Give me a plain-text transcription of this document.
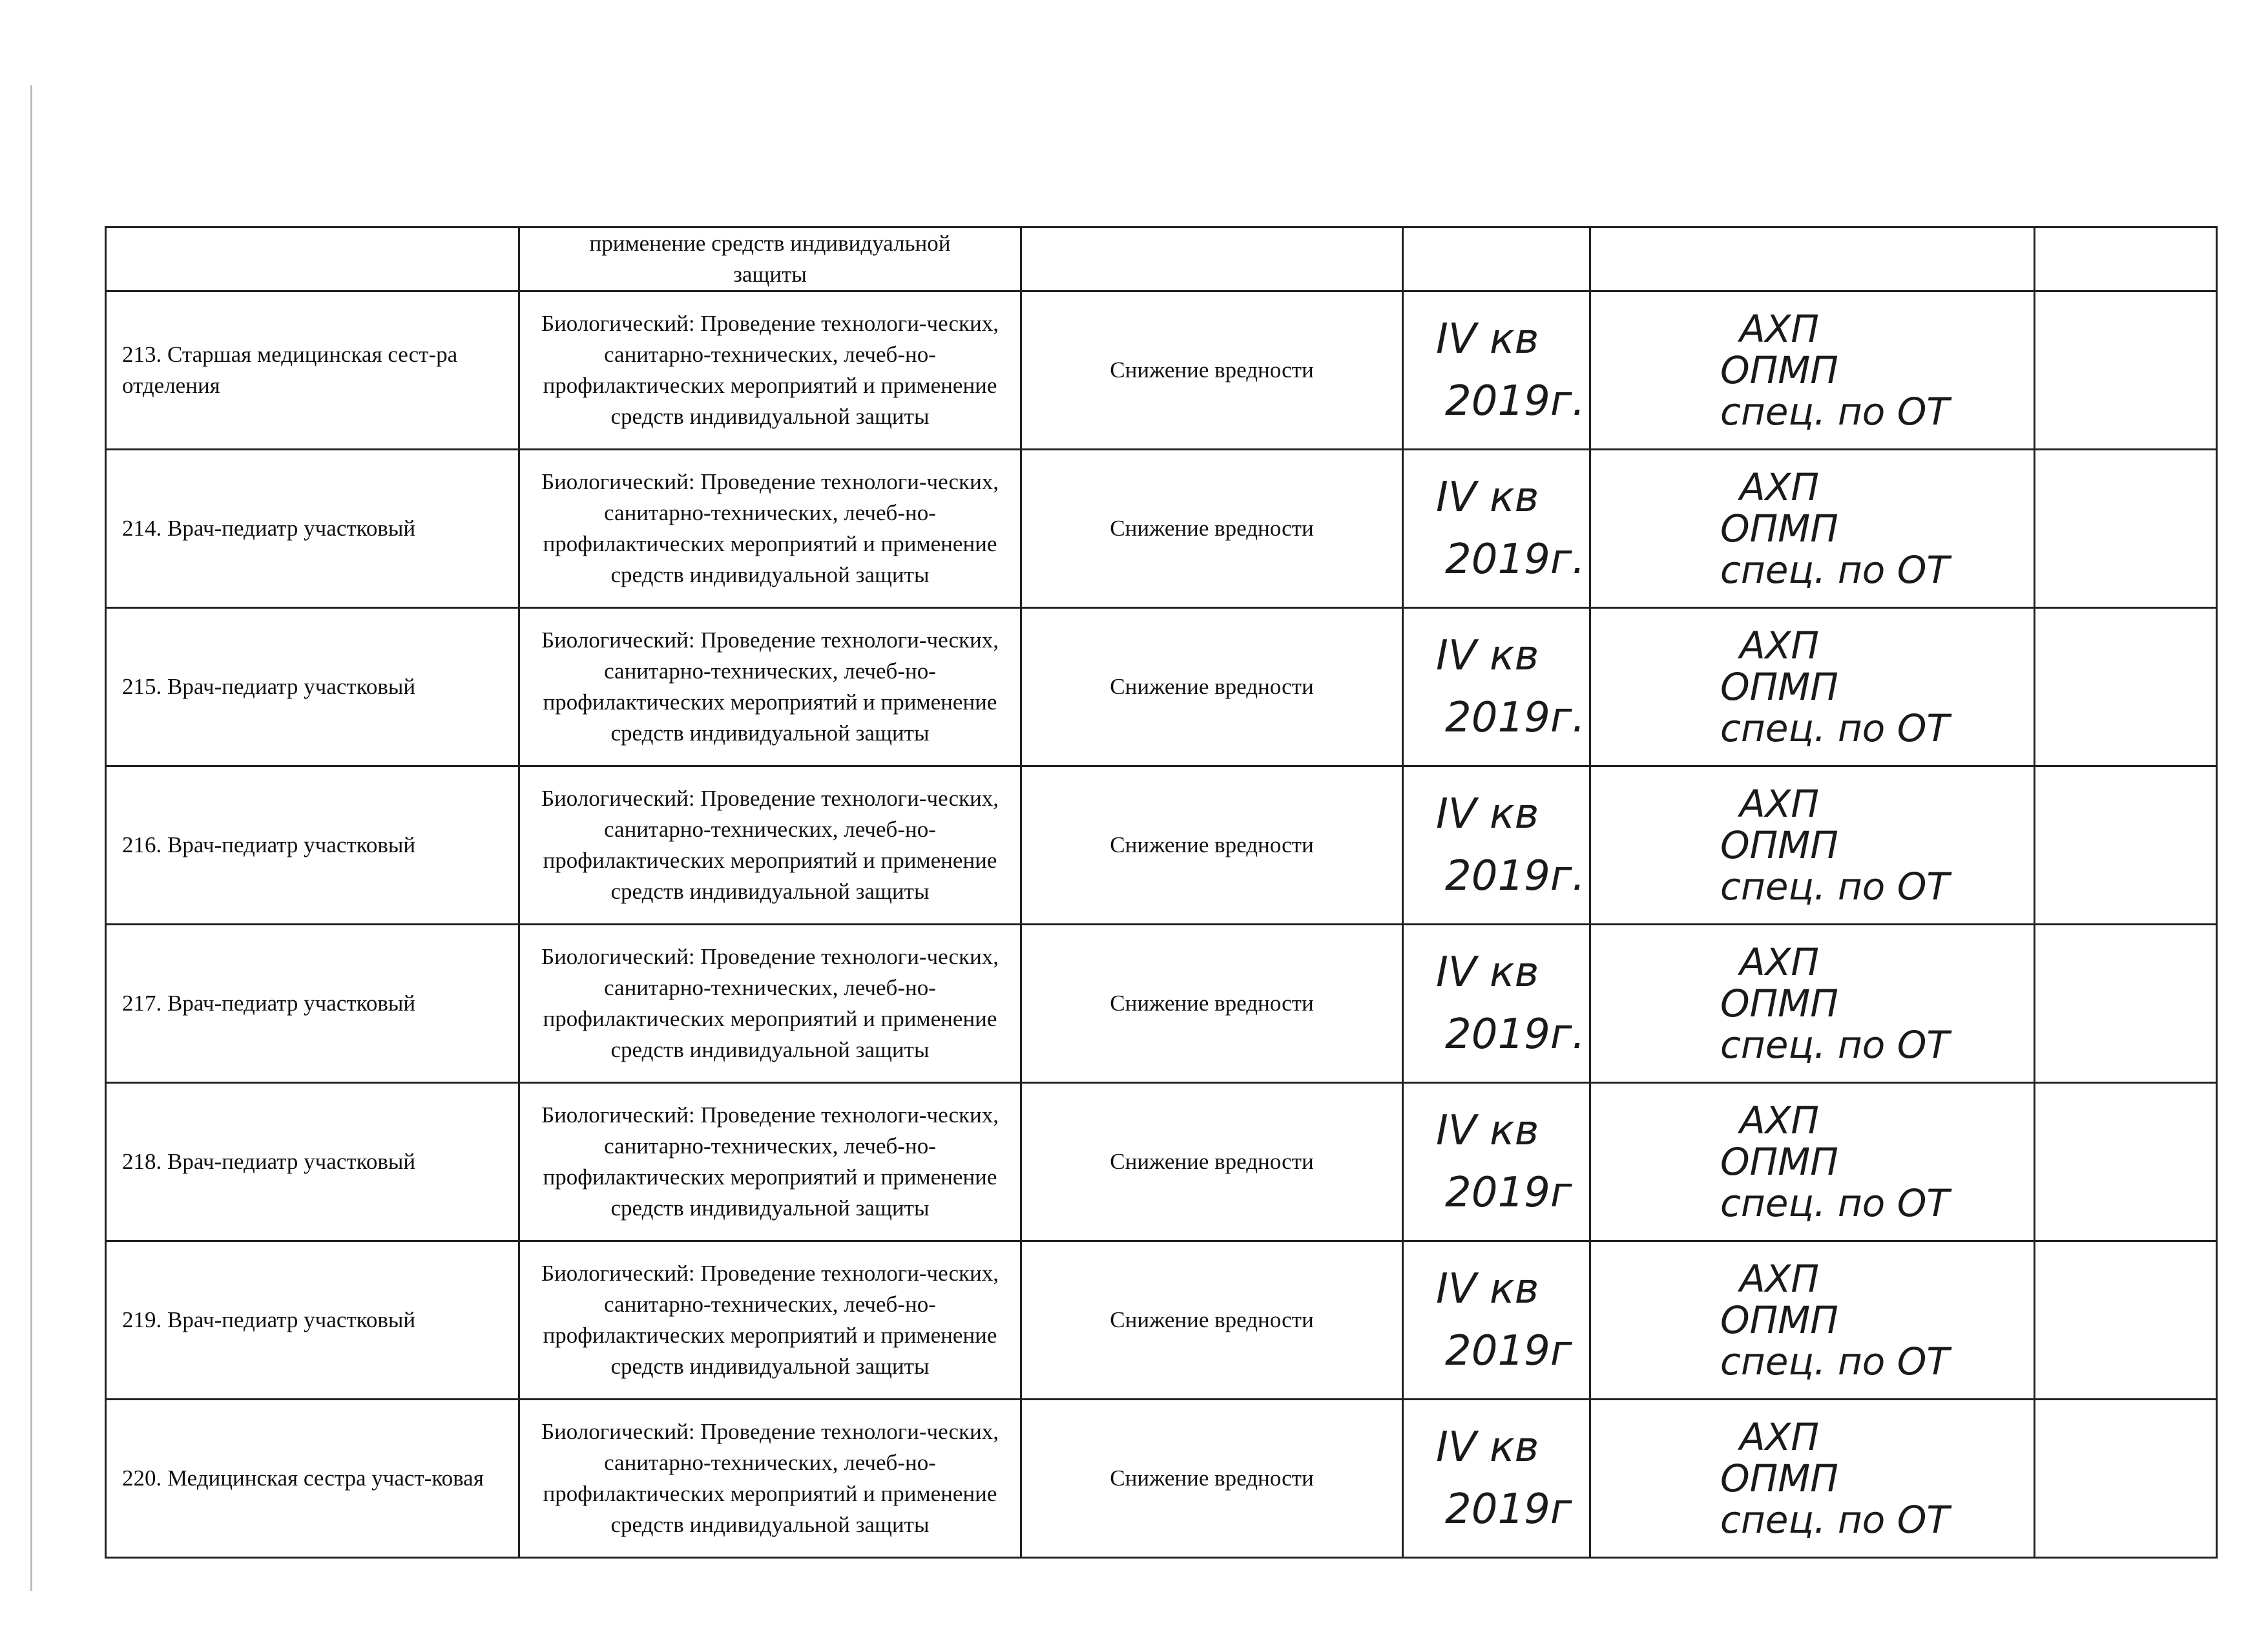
	применение средств индивидуальной
защиты				

213. Старшая медицинская сест-ра отделения	Биологический: Проведение технологи-ческих, санитарно-технических, лечеб-но-профилактических мероприятий и применение средств индивидуальной защиты	Снижение вредности	IV кв
2019г.	АХП
ОПМП
спец. по ОТ	

214. Врач-педиатр участковый	Биологический: Проведение технологи-ческих, санитарно-технических, лечеб-но-профилактических мероприятий и применение средств индивидуальной защиты	Снижение вредности	IV кв
2019г.	АХП
ОПМП
спец. по ОТ	

215. Врач-педиатр участковый	Биологический: Проведение технологи-ческих, санитарно-технических, лечеб-но-профилактических мероприятий и применение средств индивидуальной защиты	Снижение вредности	IV кв
2019г.	АХП
ОПМП
спец. по ОТ	

216. Врач-педиатр участковый	Биологический: Проведение технологи-ческих, санитарно-технических, лечеб-но-профилактических мероприятий и применение средств индивидуальной защиты	Снижение вредности	IV кв
2019г.	АХП
ОПМП
спец. по ОТ	

217. Врач-педиатр участковый	Биологический: Проведение технологи-ческих, санитарно-технических, лечеб-но-профилактических мероприятий и применение средств индивидуальной защиты	Снижение вредности	IV кв
2019г.	АХП
ОПМП
спец. по ОТ	

218. Врач-педиатр участковый	Биологический: Проведение технологи-ческих, санитарно-технических, лечеб-но-профилактических мероприятий и применение средств индивидуальной защиты	Снижение вредности	IV кв
2019г	АХП
ОПМП
спец. по ОТ	

219. Врач-педиатр участковый	Биологический: Проведение технологи-ческих, санитарно-технических, лечеб-но-профилактических мероприятий и применение средств индивидуальной защиты	Снижение вредности	IV кв
2019г	АХП
ОПМП
спец. по ОТ	

220. Медицинская сестра участ-ковая	Биологический: Проведение технологи-ческих, санитарно-технических, лечеб-но-профилактических мероприятий и применение средств индивидуальной защиты	Снижение вредности	IV кв
2019г	АХП
ОПМП
спец. по ОТ	
